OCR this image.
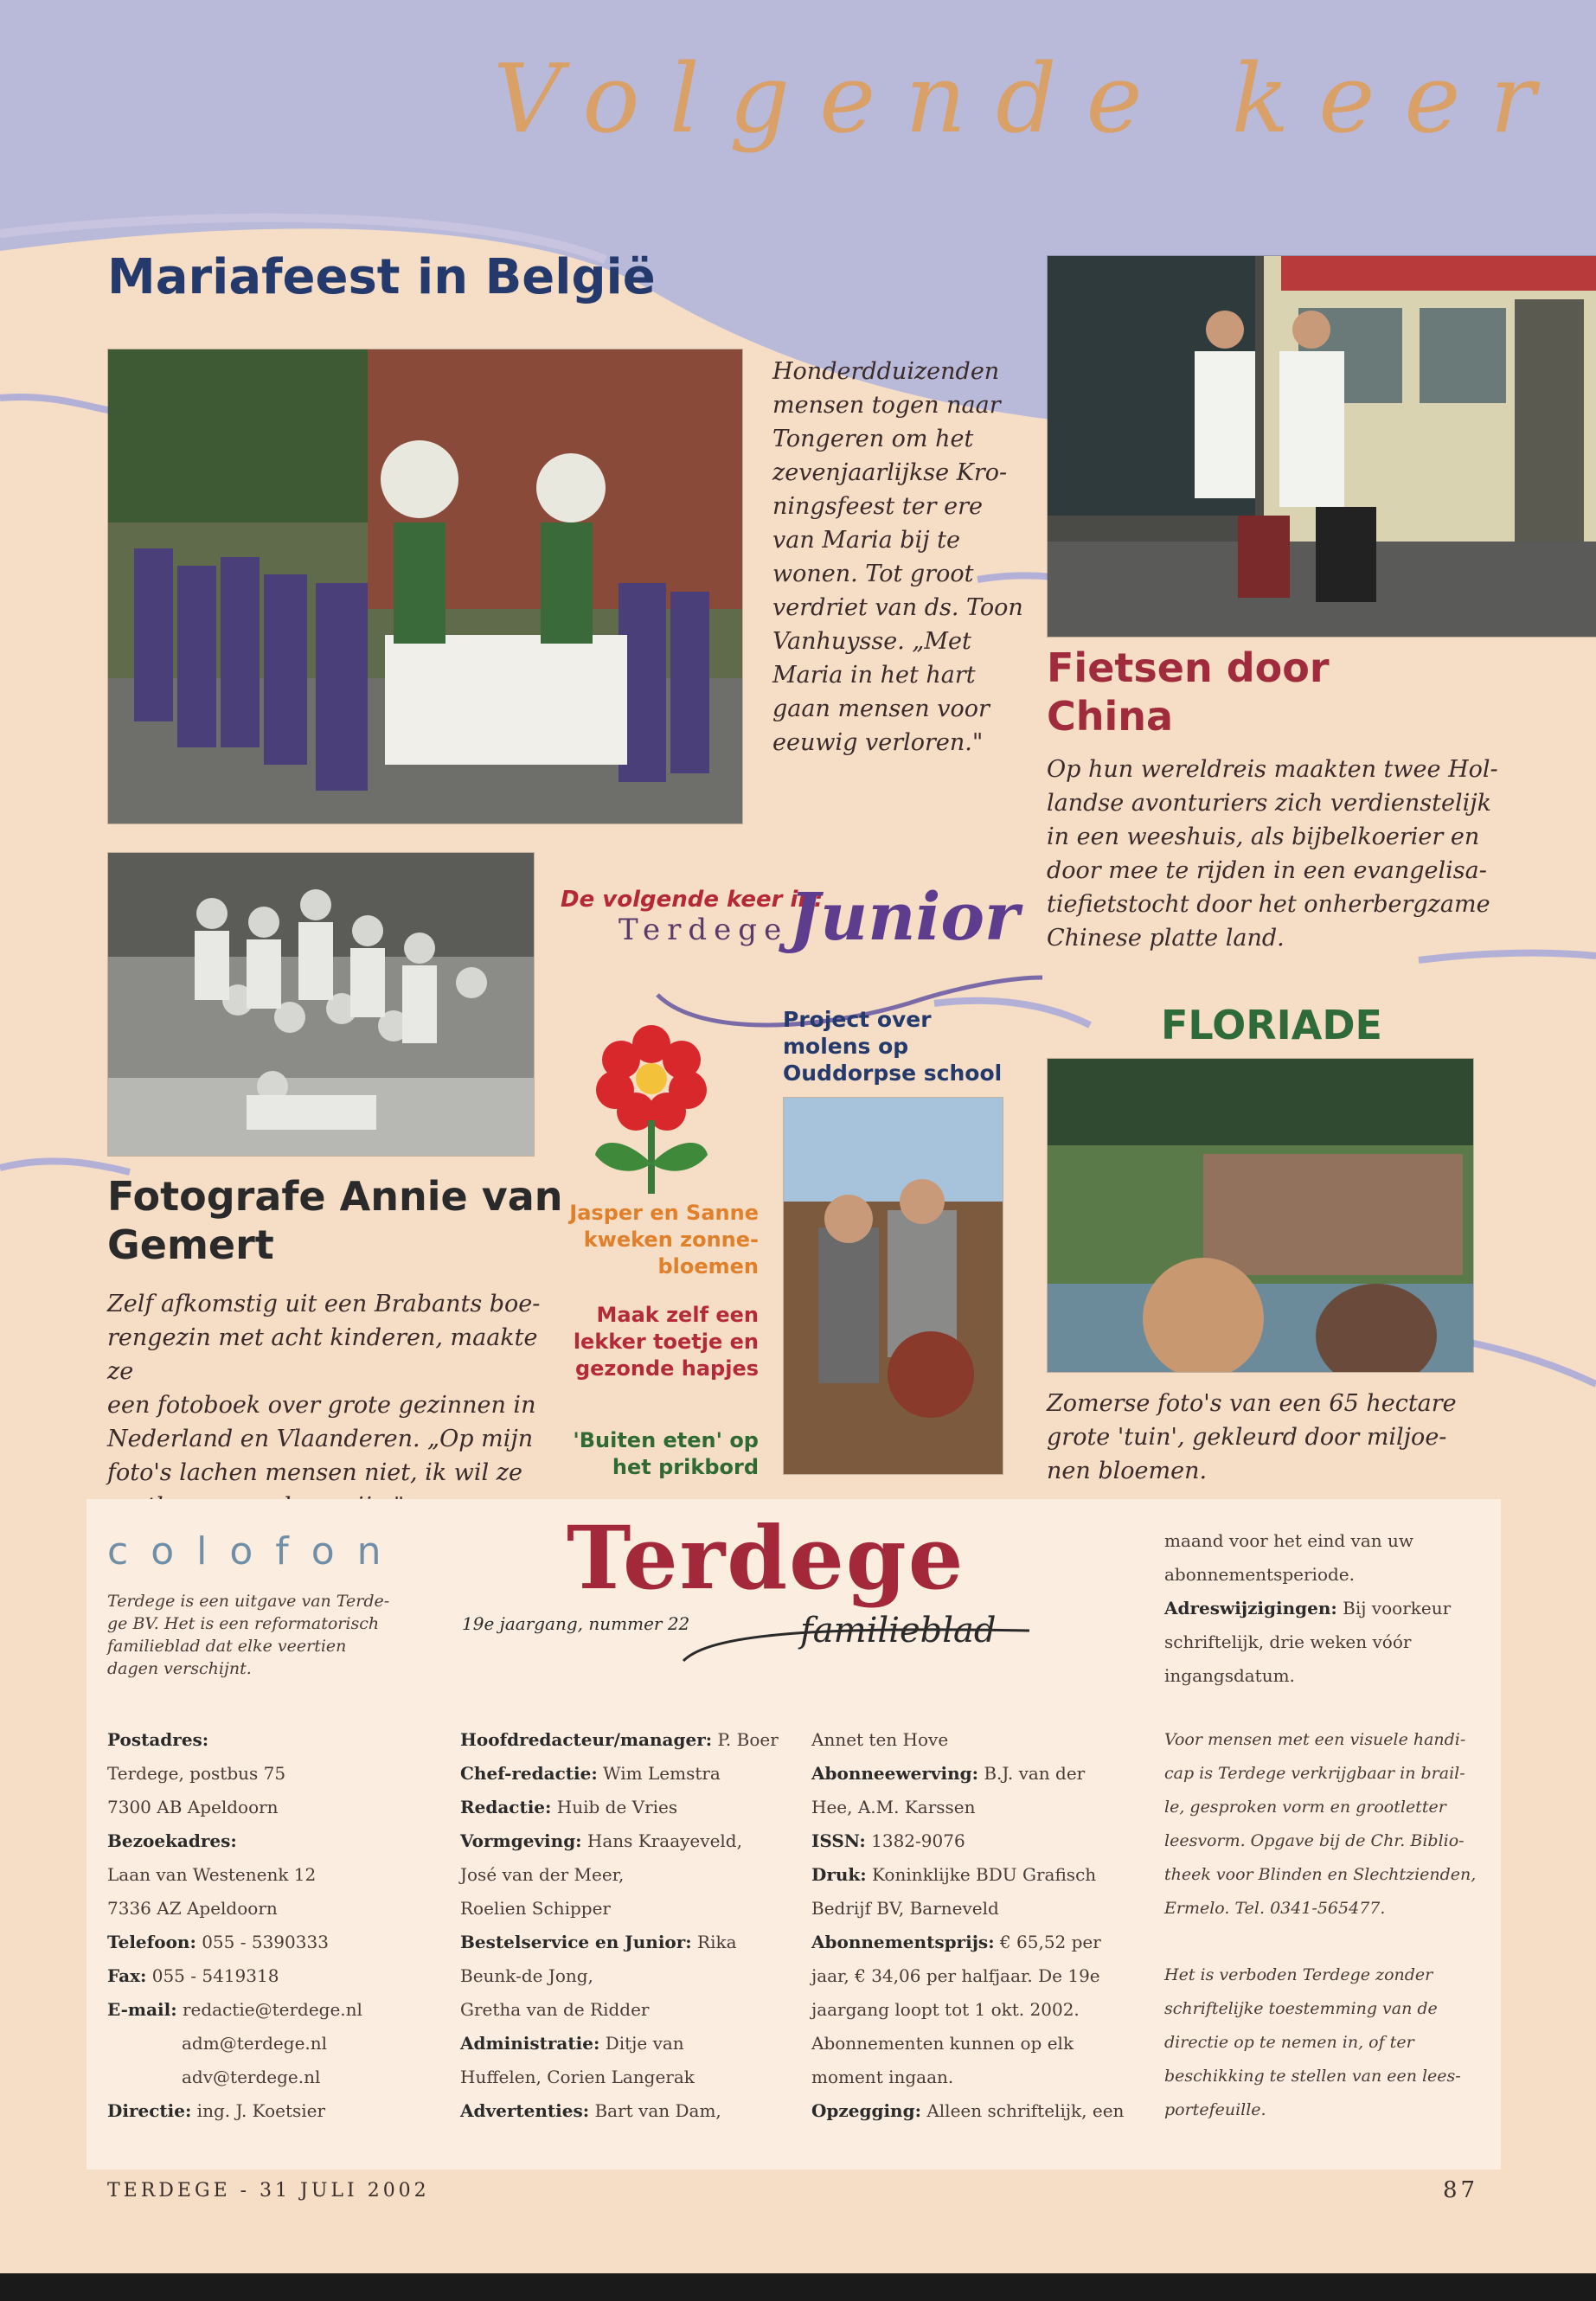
Volgende keer
Mariafeest in België
Honderdduizenden
mensen togen naar
Tongeren om het
zevenjaarlijkse Kro-
ningsfeest ter ere
van Maria bij te
wonen. Tot groot
verdriet van ds. Toon
Vanhuysse. „Met
Maria in het hart
gaan mensen voor
eeuwig verloren."
Fietsen door
China
Op hun wereldreis maakten twee Hol-
landse avonturiers zich verdienstelijk
in een weeshuis, als bijbelkoerier en
door mee te rijden in een evangelisa-
tiefietstocht door het onherbergzame
Chinese platte land.
Fotografe Annie van
Gemert
Zelf afkomstig uit een Brabants boe-
rengezin met acht kinderen, maakte ze
een fotoboek over grote gezinnen in
Nederland en Vlaanderen. „Op mijn
foto's lachen mensen niet, ik wil ze
De volgende keer in:
Terdege Junior
Project over
molens op
Ouddorpse school
Jasper en Sanne
kweken zonne-
bloemen
Maak zelf een
lekker toetje en
gezonde hapjes
'Buiten eten' op
het prikbord
FLORIADE
Zomerse foto's van een 65 hectare
grote 'tuin', gekleurd door miljoe-
nen bloemen.
colofon
Terdege is een uitgave van Terde-
ge BV. Het is een reformatorisch
familieblad dat elke veertien
dagen verschijnt.
Terdege
familieblad
19e jaargang, nummer 22
maand voor het eind van uw
abonnementsperiode.
Adreswijzigingen: Bij voorkeur
schriftelijk, drie weken vóór
ingangsdatum.
Postadres:
Terdege, postbus 75
7300 AB Apeldoorn
Bezoekadres:
Laan van Westenenk 12
7336 AZ Apeldoorn
Telefoon: 055 - 5390333
Fax: 055 - 5419318
E-mail: redactie@terdege.nl
adm@terdege.nl
adv@terdege.nl
Directie: ing. J. Koetsier
Hoofdredacteur/manager: P. Boer
Chef-redactie: Wim Lemstra
Redactie: Huib de Vries
Vormgeving: Hans Kraayeveld,
José van der Meer,
Roelien Schipper
Bestelservice en Junior: Rika
Beunk-de Jong,
Gretha van de Ridder
Administratie: Ditje van
Huffelen, Corien Langerak
Advertenties: Bart van Dam,
Annet ten Hove
Abonneewerving: B.J. van der
Hee, A.M. Karssen
ISSN: 1382-9076
Druk: Koninklijke BDU Grafisch
Bedrijf BV, Barneveld
Abonnementsprijs: € 65,52 per
jaar, € 34,06 per halfjaar. De 19e
jaargang loopt tot 1 okt. 2002.
Abonnementen kunnen op elk
moment ingaan.
Opzegging: Alleen schriftelijk, een
Voor mensen met een visuele handi-
cap is Terdege verkrijgbaar in brail-
le, gesproken vorm en grootletter
leesvorm. Opgave bij de Chr. Biblio-
theek voor Blinden en Slechtzienden,
Ermelo. Tel. 0341-565477.
Het is verboden Terdege zonder
schriftelijke toestemming van de
directie op te nemen in, of ter
beschikking te stellen van een lees-
portefeuille.
TERDEGE - 31 JULI 2002	87
